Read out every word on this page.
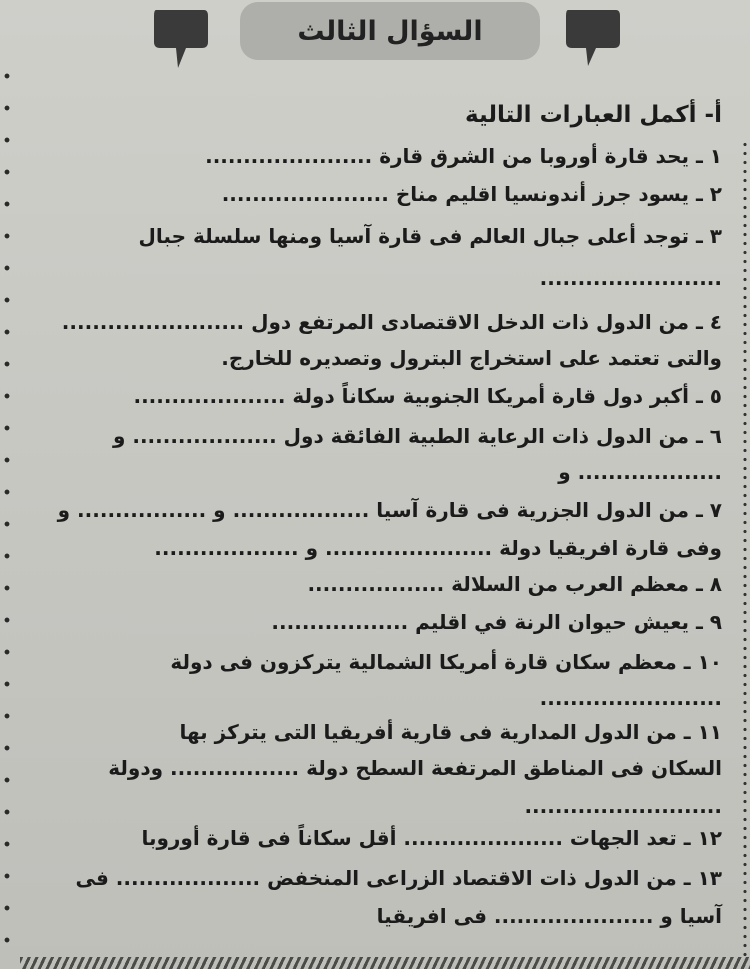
السؤال الثالث
أ- أكمل العبارات التالية
١ ـ يحد قارة أوروبا من الشرق قارة ......................
٢ ـ يسود جرز أندونسيا اقليم مناخ ......................
٣ ـ توجد أعلى جبال العالم فى قارة آسيا ومنها سلسلة جبال
........................
٤ ـ من الدول ذات الدخل الاقتصادى المرتفع دول ........................
والتى تعتمد على استخراج البترول وتصديره للخارج.
٥ ـ أكبر دول قارة أمريكا الجنوبية سكاناً دولة ....................
٦ ـ من الدول ذات الرعاية الطبية الفائقة دول ................... و
................... و
٧ ـ من الدول الجزرية فى قارة آسيا .................. و ................. و
وفى قارة افريقيا دولة ...................... و ...................
٨ ـ معظم العرب من السلالة ..................
٩ ـ يعيش حيوان الرنة في اقليم ..................
١٠ ـ معظم سكان قارة أمريكا الشمالية يتركزون فى دولة
........................
١١ ـ من الدول المدارية فى قارية أفريقيا التى يتركز بها
السكان فى المناطق المرتفعة السطح دولة ................. ودولة
..........................
١٢ ـ تعد الجهات ..................... أقل سكاناً فى قارة أوروبا
١٣ ـ من الدول ذات الاقتصاد الزراعى المنخفض ................... فى
آسيا و ..................... فى افريقيا
